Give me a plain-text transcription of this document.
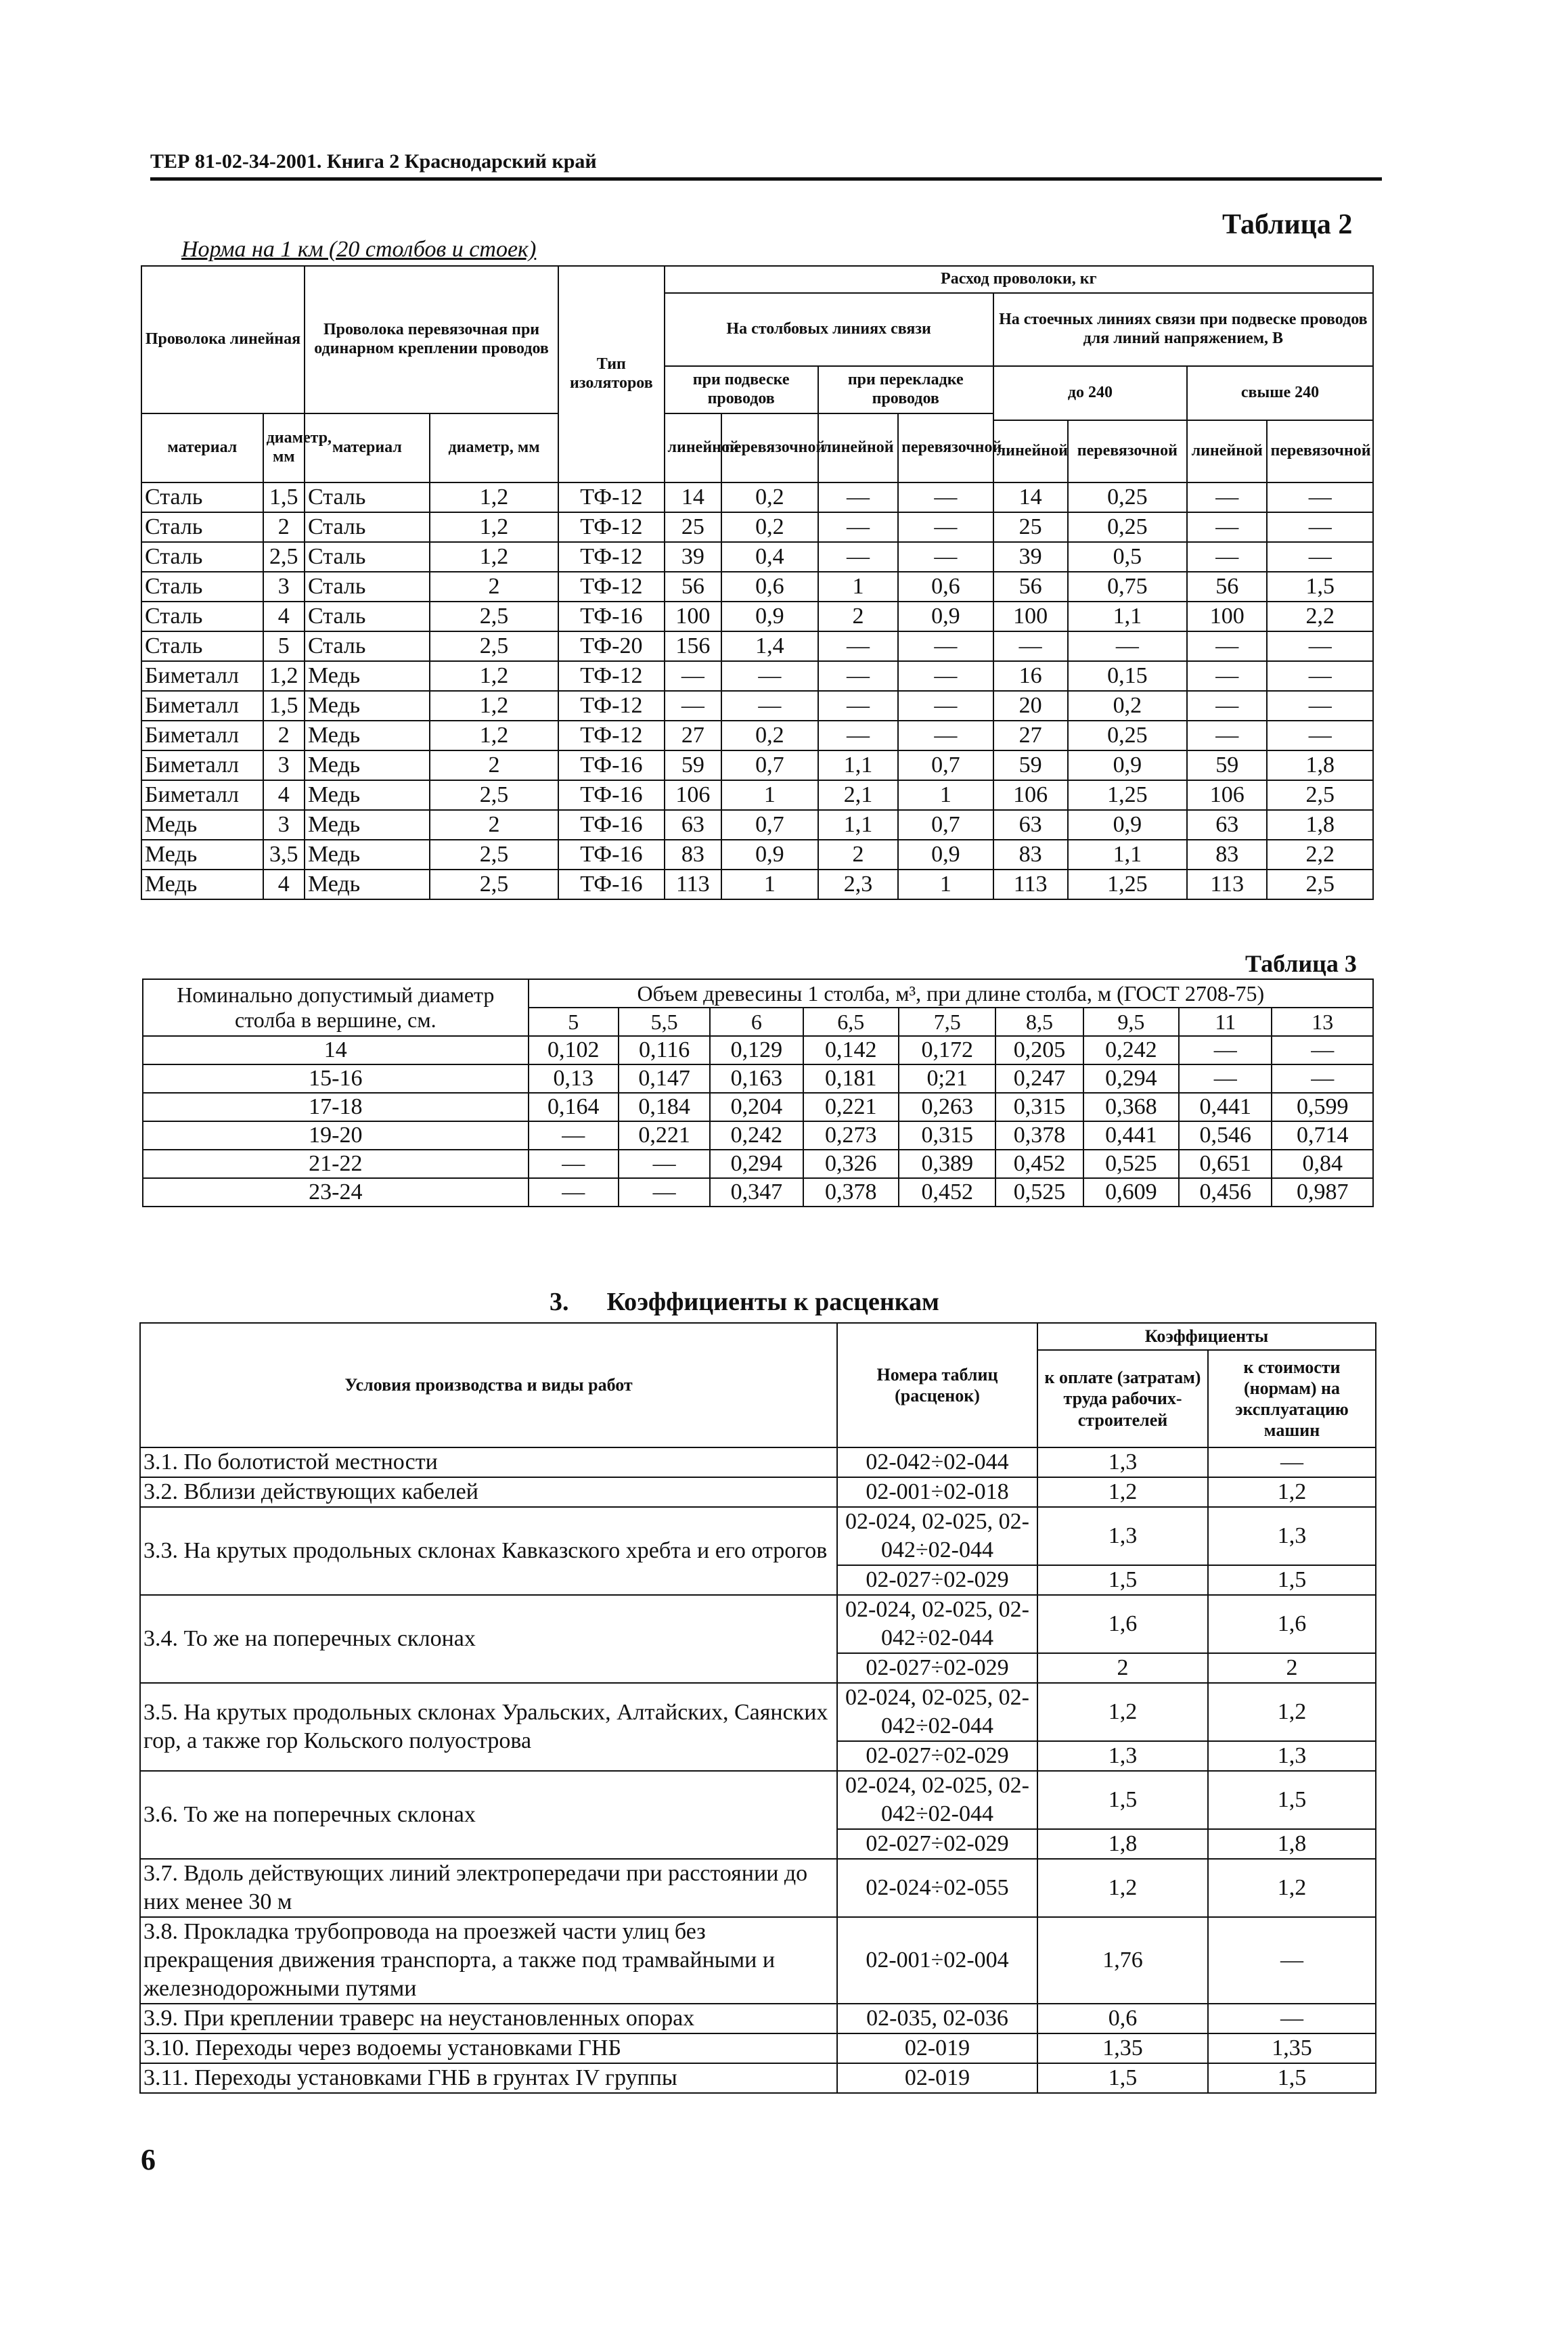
ТЕР 81-02-34-2001. Книга 2 Краснодарский край
Таблица 2
Норма на 1 км (20 столбов и стоек)
Проволока линейная		Проволока перевязочная при одинарном креплении проводов		Тип изоляторов	Расход проволоки, кг							
					На столбовых линиях связи				На стоечных линиях связи при подвеске проводов для линий напряжением, В			
					при подвеске проводов		при перекладке проводов		до 240		свыше 240	
материал	диаметр, мм	материал	диаметр, мм		линейной	перевязочной	линейной	перевязочной				
									линейной	перевязочной	линейной	перевязочной
Сталь	1,5	Сталь	1,2	ТФ-12	14	0,2	—	—	14	0,25	—	—
Сталь	2	Сталь	1,2	ТФ-12	25	0,2	—	—	25	0,25	—	—
Сталь	2,5	Сталь	1,2	ТФ-12	39	0,4	—	—	39	0,5	—	—
Сталь	3	Сталь	2	ТФ-12	56	0,6	1	0,6	56	0,75	56	1,5
Сталь	4	Сталь	2,5	ТФ-16	100	0,9	2	0,9	100	1,1	100	2,2
Сталь	5	Сталь	2,5	ТФ-20	156	1,4	—	—	—	—	—	—
Биметалл	1,2	Медь	1,2	ТФ-12	—	—	—	—	16	0,15	—	—
Биметалл	1,5	Медь	1,2	ТФ-12	—	—	—	—	20	0,2	—	—
Биметалл	2	Медь	1,2	ТФ-12	27	0,2	—	—	27	0,25	—	—
Биметалл	3	Медь	2	ТФ-16	59	0,7	1,1	0,7	59	0,9	59	1,8
Биметалл	4	Медь	2,5	ТФ-16	106	1	2,1	1	106	1,25	106	2,5
Медь	3	Медь	2	ТФ-16	63	0,7	1,1	0,7	63	0,9	63	1,8
Медь	3,5	Медь	2,5	ТФ-16	83	0,9	2	0,9	83	1,1	83	2,2
Медь	4	Медь	2,5	ТФ-16	113	1	2,3	1	113	1,25	113	2,5
Таблица 3
Номинально допустимый диаметр столба в вершине, см.	Объем древесины 1 столба, м³, при длине столба, м (ГОСТ 2708-75)								
	5	5,5	6	6,5	7,5	8,5	9,5	11	13
14	0,102	0,116	0,129	0,142	0,172	0,205	0,242	—	—
15-16	0,13	0,147	0,163	0,181	0;21	0,247	0,294	—	—
17-18	0,164	0,184	0,204	0,221	0,263	0,315	0,368	0,441	0,599
19-20	—	0,221	0,242	0,273	0,315	0,378	0,441	0,546	0,714
21-22	—	—	0,294	0,326	0,389	0,452	0,525	0,651	0,84
23-24	—	—	0,347	0,378	0,452	0,525	0,609	0,456	0,987
3. Коэффициенты к расценкам
Условия производства и виды работ	Номера таблиц (расценок)	Коэффициенты	
		к оплате (затратам) труда рабочих-строителей	к стоимости (нормам) на эксплуатацию машин
3.1. По болотистой местности	02-042÷02-044	1,3	—
3.2. Вблизи действующих кабелей	02-001÷02-018	1,2	1,2
3.3. На крутых продольных склонах Кавказского хребта и его отрогов	02-024, 02-025, 02-042÷02-044	1,3	1,3
	02-027÷02-029	1,5	1,5
3.4. То же на поперечных склонах	02-024, 02-025, 02-042÷02-044	1,6	1,6
	02-027÷02-029	2	2
3.5. На крутых продольных склонах Уральских, Алтайских, Саянских гор, а также гор Кольского полуострова	02-024, 02-025, 02-042÷02-044	1,2	1,2
	02-027÷02-029	1,3	1,3
3.6. То же на поперечных склонах	02-024, 02-025, 02-042÷02-044	1,5	1,5
	02-027÷02-029	1,8	1,8
3.7. Вдоль действующих линий электропередачи при расстоянии до них менее 30 м	02-024÷02-055	1,2	1,2
3.8. Прокладка трубопровода на проезжей части улиц без прекращения движения транспорта, а также под трамвайными и железнодорожными путями	02-001÷02-004	1,76	—
3.9. При креплении траверс на неустановленных опорах	02-035, 02-036	0,6	—
3.10. Переходы через водоемы установками ГНБ	02-019	1,35	1,35
3.11. Переходы установками ГНБ в грунтах IV группы	02-019	1,5	1,5
6
